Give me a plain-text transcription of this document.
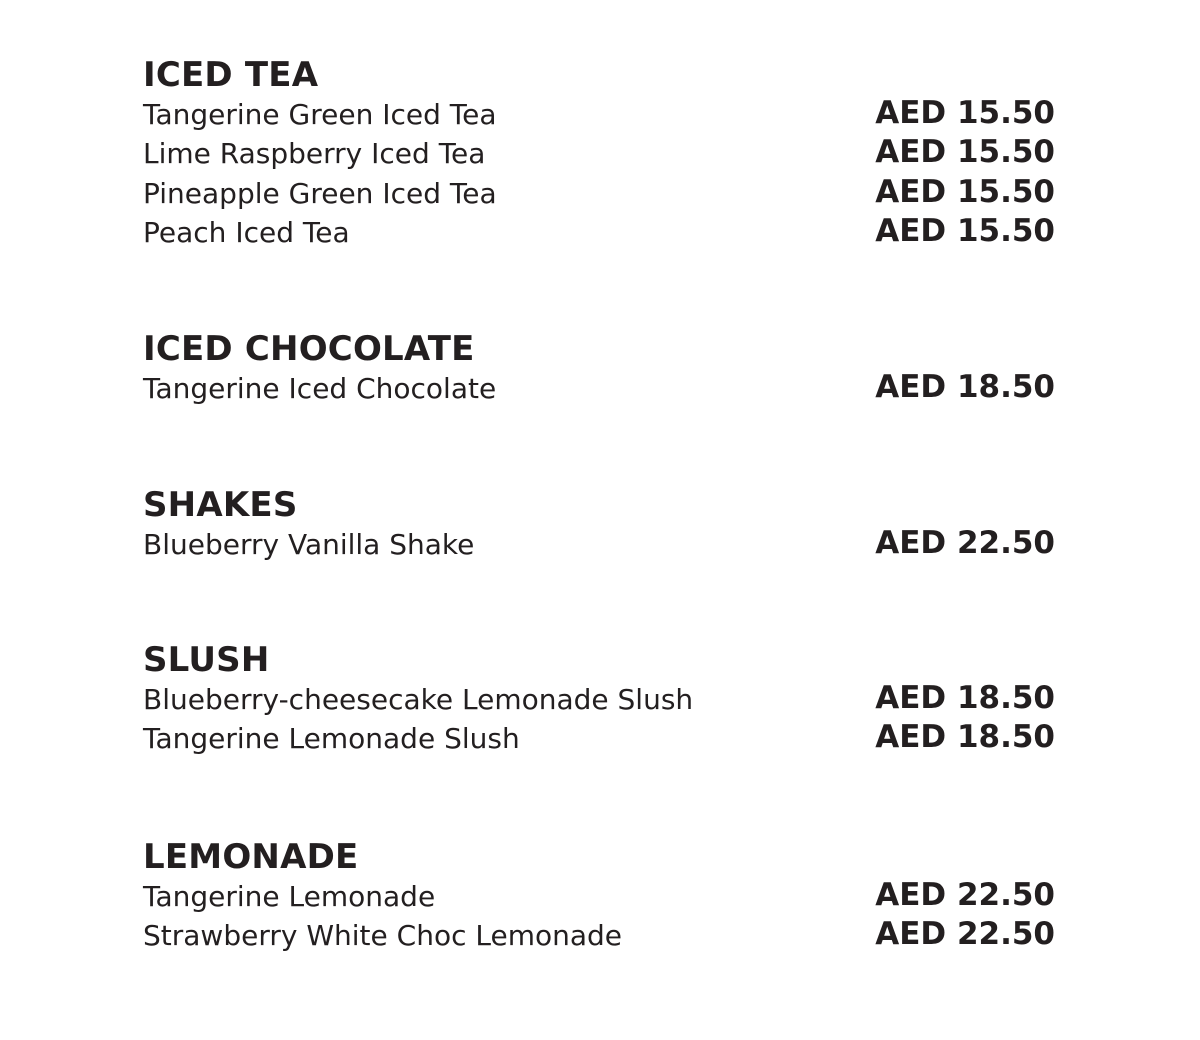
ICED TEA
Tangerine Green Iced Tea	AED 15.50
Lime Raspberry Iced Tea	AED 15.50
Pineapple Green Iced Tea	AED 15.50
Peach Iced Tea	AED 15.50
ICED CHOCOLATE
Tangerine Iced Chocolate	AED 18.50
SHAKES
Blueberry Vanilla Shake	AED 22.50
SLUSH
Blueberry-cheesecake Lemonade Slush	AED 18.50
Tangerine Lemonade Slush	AED 18.50
LEMONADE
Tangerine Lemonade	AED 22.50
Strawberry White Choc Lemonade	AED 22.50
